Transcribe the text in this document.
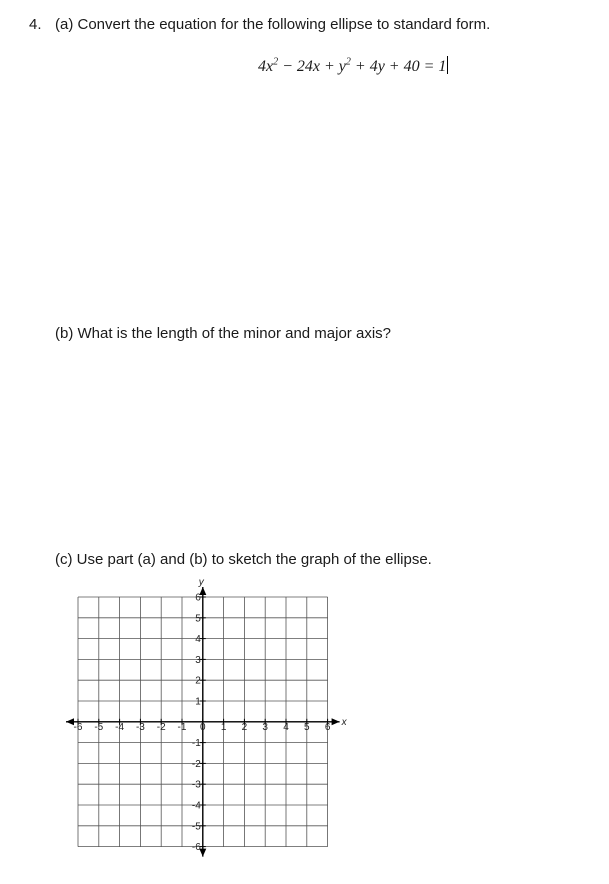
4. (a) Convert the equation for the following ellipse to standard form.
$4x^2 - 24x + y^2 + 4y + 40 = 1$
(b) What is the length of the minor and major axis?
(c) Use part (a) and (b) to sketch the graph of the ellipse.
x
y
-6 -5 -4 -3 -2 -1 0 1 2 3 4 5 6
6
5
4
3
2
1
-1
-2
-3
-4
-5
-6
